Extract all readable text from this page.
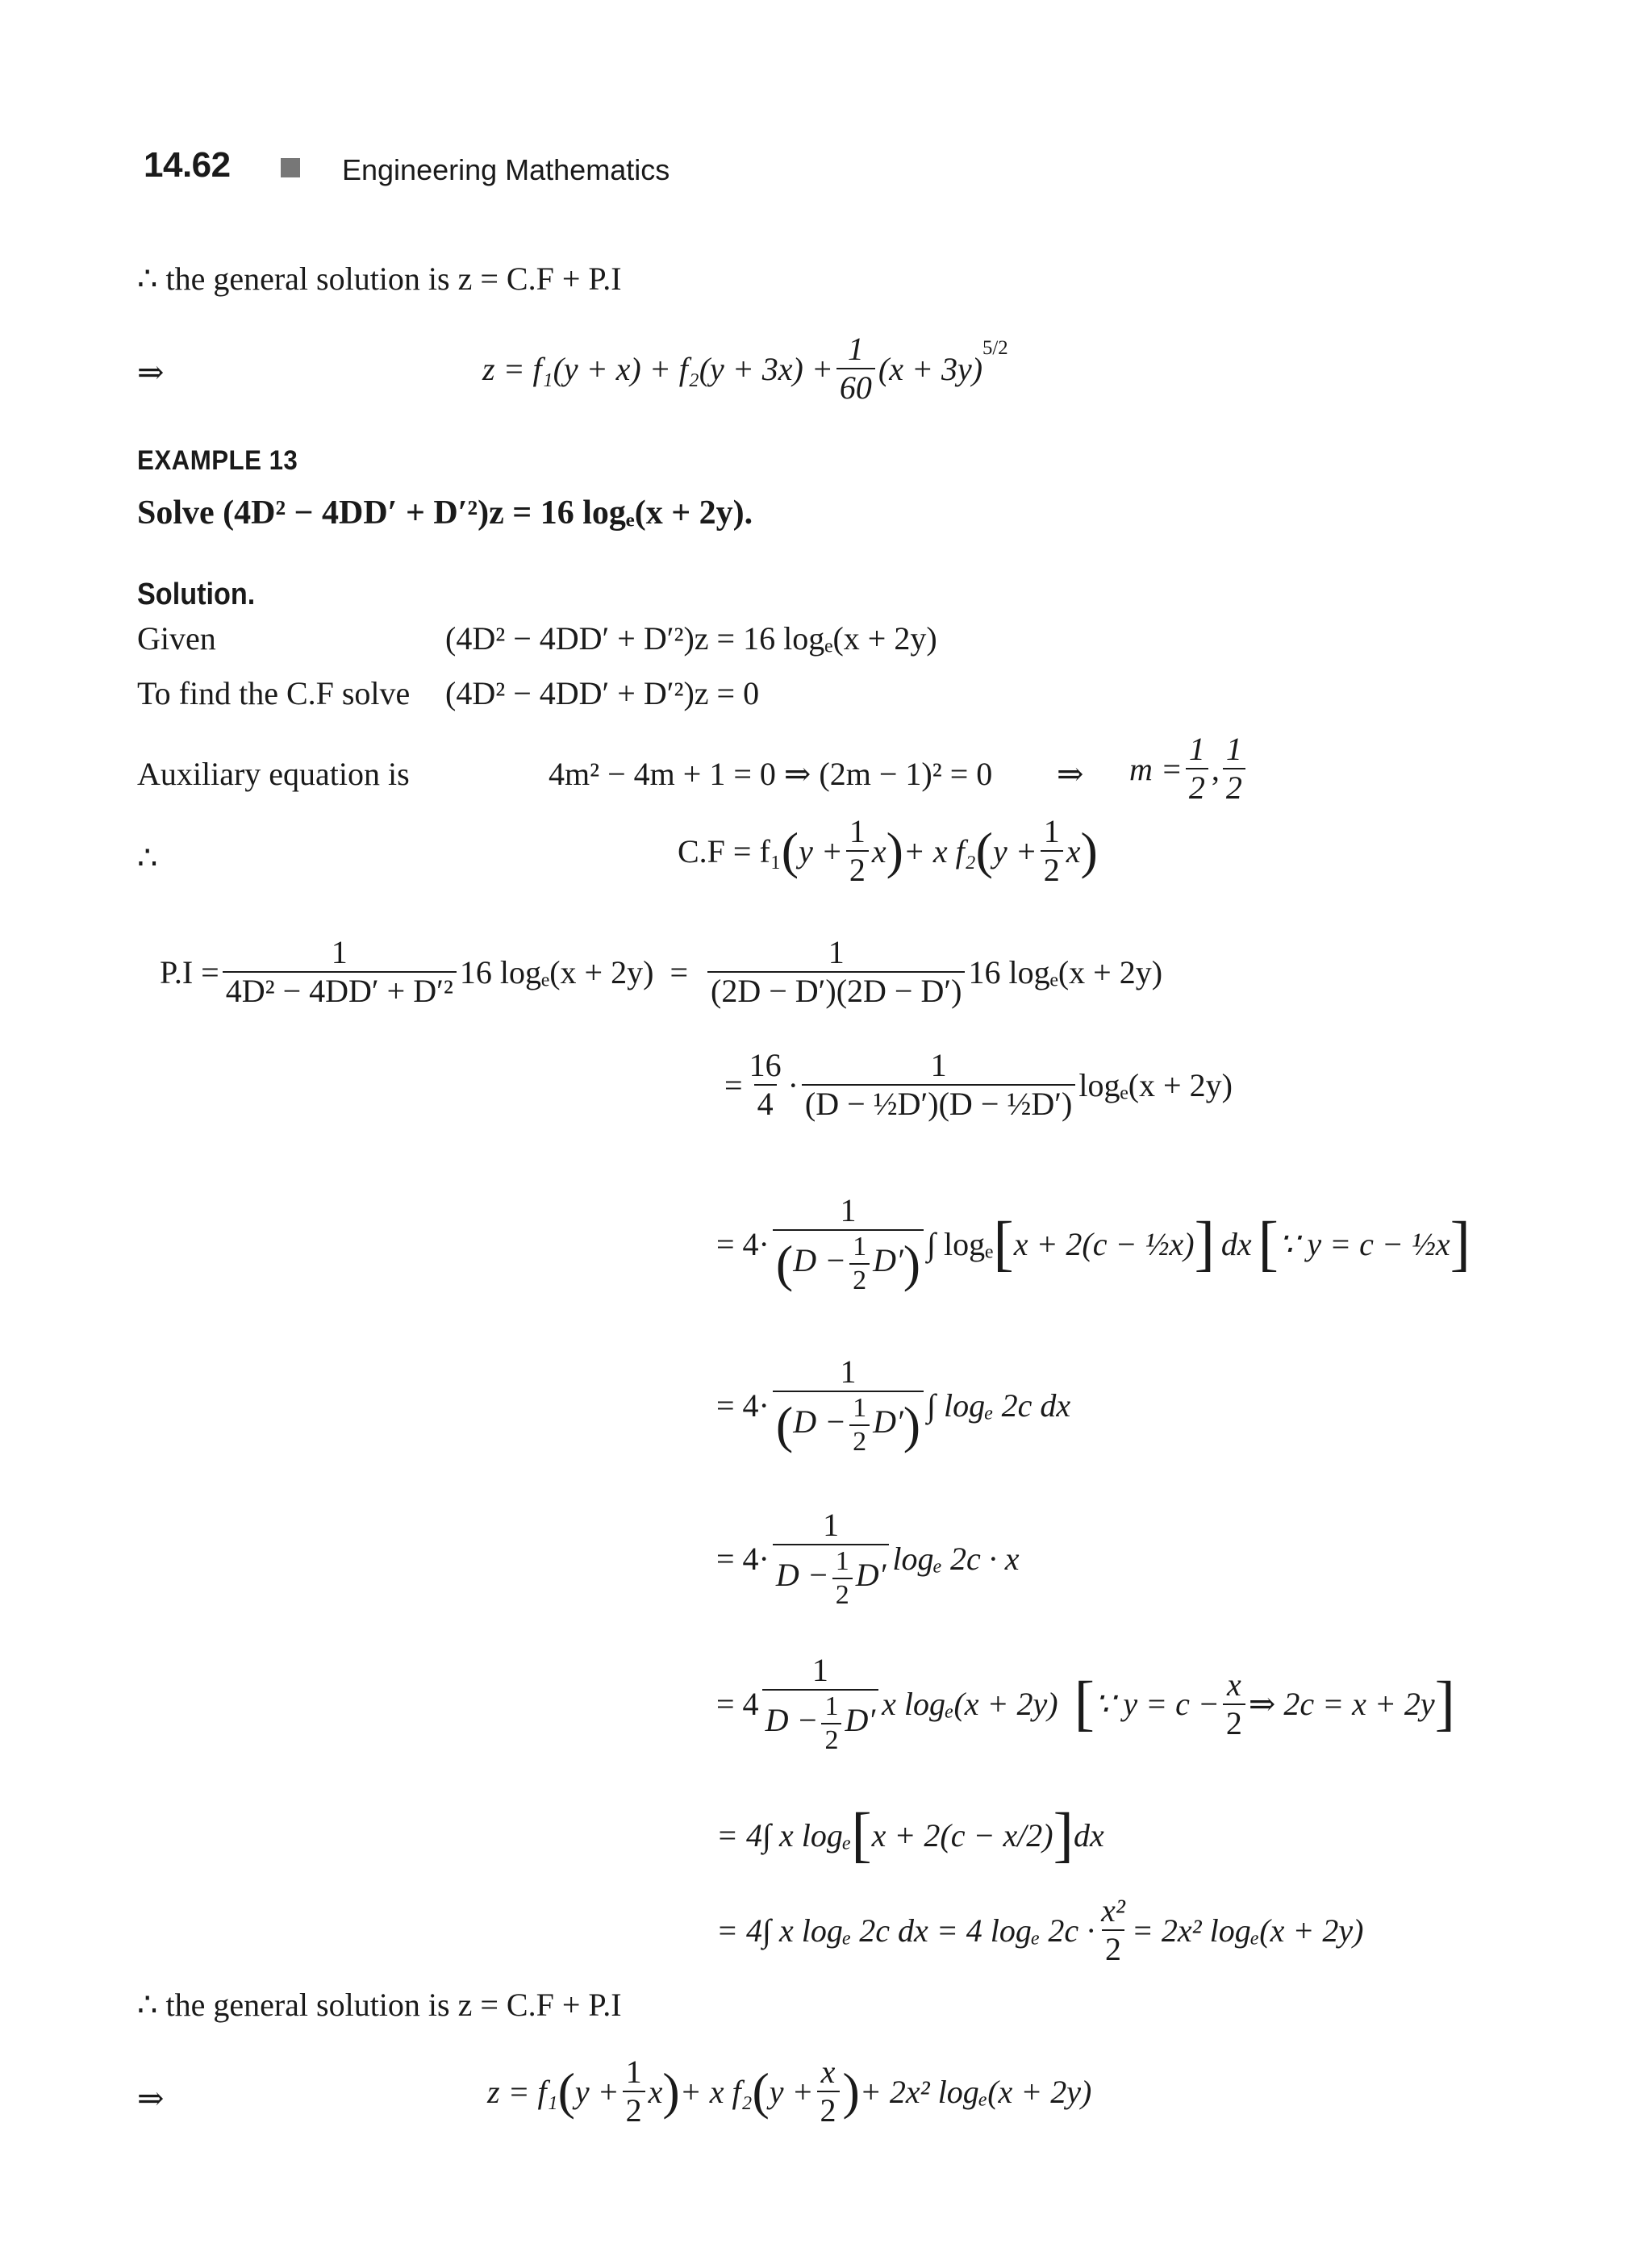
14.62	Engineering Mathematics
∴ the general solution is z = C.F + P.I
⇒	$z = f_1(y + x) + f_2(y + 3x) + \frac{1}{60} (x + 3y)$
$^{5/2}$
EXAMPLE 13
Solve (4D² − 4DD′ + D′²)z = 16 logₑ(x + 2y).
Solution.
Given	(4D² − 4DD′ + D′²)z = 16 logₑ(x + 2y)
To find the C.F solve (4D² − 4DD′ + D′²)z = 0
Auxiliary equation is	4m² − 4m + 1 = 0 ⇒ (2m − 1)² = 0 ⇒ $m = \frac{1}{2}$ , $\frac{1}{2}$
∴	C.F = f₁ ( $y + \frac{1}{2}$ x ) + x f₂ ( $y + \frac{1}{2}$ x )
$P.I = \frac{1}{\text{4D² − 4DD′ + D′²}} 16$ $\log_e(x + 2y) = \frac{1}{(2D - D')(2D - D')} 16$ logₑ(x + 2y)
= $\frac{16}{4} \cdot \frac{1}{\text{(D − ½D′)(D − ½D′)}} \log_e(x + 2y)$
= $4\cdot \frac{1}{(D - \frac{1}{2} D')}$ ∫ logₑ [ x + 2(c − ½x) ] dx [ ∵ y = c − ½x ]
= $4\cdot \frac{1}{(D - \frac{1}{2} D')}$ ∫ logₑ 2c dx
= $4\cdot \frac{1}{D - \frac{1}{2} D'}$ logₑ 2c · x
= $4 \frac{1}{D - \frac{1}{2} D'}$ x logₑ(x + 2y) [ ∵ $y = c - \frac{x}{2}$ ⇒ 2c = x + 2y ]
= 4∫ x logₑ [ x + 2(c − x/2) ] dx
= 4∫ x logₑ 2c dx = 4 logₑ $2c \cdot \frac{\text{x²}}{2} = 2x^2$ logₑ(x + 2y)
∴ the general solution is z = C.F + P.I
⇒	z = f₁ ( $y + \frac{1}{2}$ x ) + x f₂ ( $y + \frac{x}{2}$ ) + 2x² logₑ(x + 2y)
